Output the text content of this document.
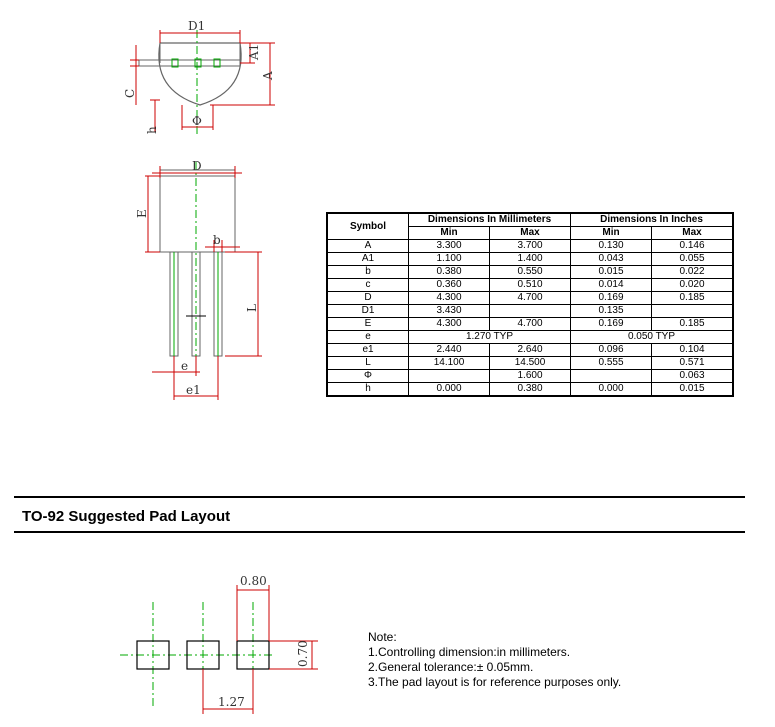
D1
A1
A
C
h
Φ
D
E
b
L
e
e1
0.80
0.70
1.27
Symbol	Dimensions In Millimeters		Dimensions In Inches	
	Min	Max	Min	Max
A	3.300	3.700	0.130	0.146
A1	1.100	1.400	0.043	0.055
b	0.380	0.550	0.015	0.022
c	0.360	0.510	0.014	0.020
D	4.300	4.700	0.169	0.185
D1	3.430		0.135	
E	4.300	4.700	0.169	0.185
e	1.270 TYP		0.050 TYP	
e1	2.440	2.640	0.096	0.104
L	14.100	14.500	0.555	0.571
Φ		1.600		0.063
h	0.000	0.380	0.000	0.015
TO-92 Suggested Pad Layout
Note:
1.Controlling dimension:in millimeters.
2.General tolerance:± 0.05mm.
3.The pad layout is for reference purposes only.
